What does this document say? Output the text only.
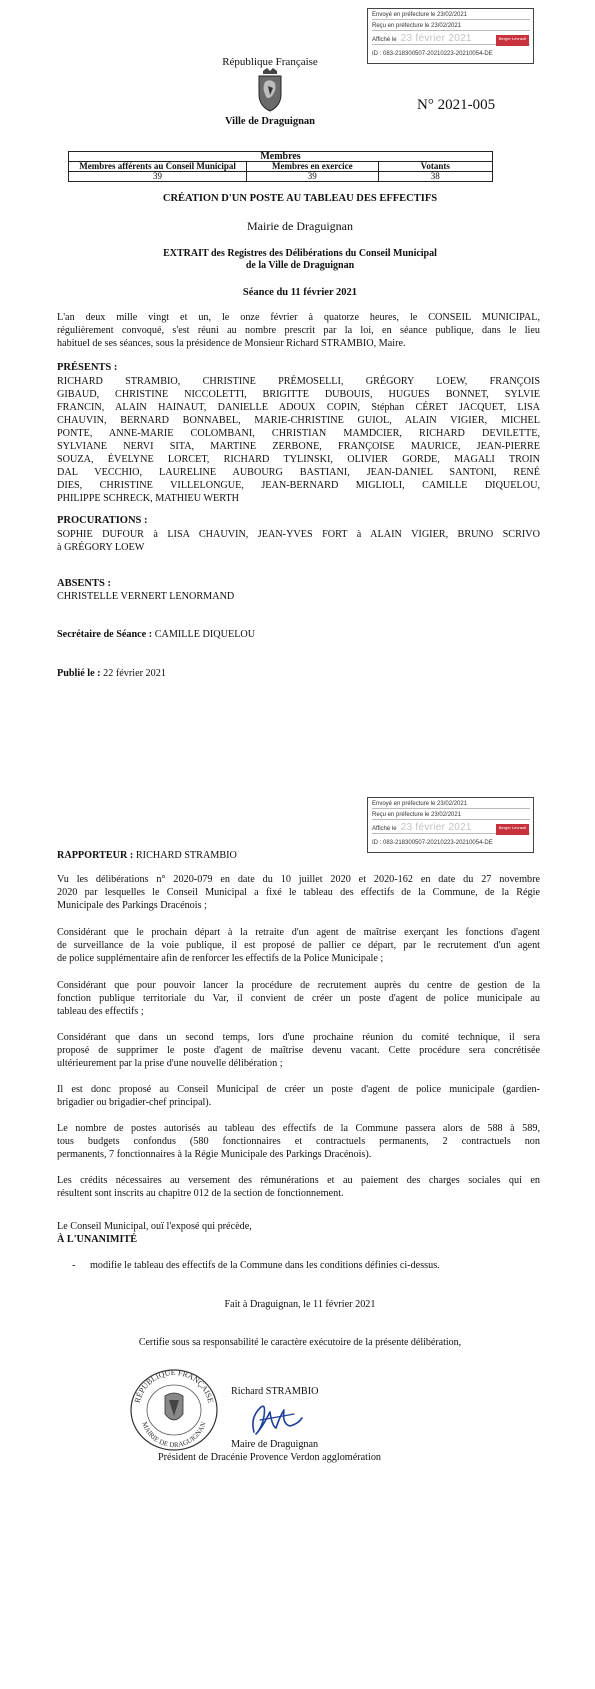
Envoyé en préfecture le 23/02/2021
Reçu en préfecture le 23/02/2021
Affiché le 23 février 2021	Berger Levrault
ID : 083-218300507-20210223-20210054-DE
République Française
Ville de Draguignan
N° 2021-005
Membres		
Membres afférents au Conseil Municipal	Membres en exercice	Votants
39	39	38
CRÉATION D'UN POSTE AU TABLEAU DES EFFECTIFS
Mairie de Draguignan
EXTRAIT des Registres des Délibérations du Conseil Municipal
de la Ville de Draguignan
Séance du 11 février 2021

L'an deux mille vingt et un, le onze février à quatorze heures, le CONSEIL MUNICIPAL,

régulièrement convoqué, s'est réuni au nombre prescrit par la loi, en séance publique, dans le lieu

habituel de ses séances, sous la présidence de Monsieur Richard STRAMBIO, Maire.

PRÉSENTS :

RICHARD STRAMBIO, CHRISTINE PRÉMOSELLI, GRÉGORY LOEW, FRANÇOIS

GIBAUD, CHRISTINE NICCOLETTI, BRIGITTE DUBOUIS, HUGUES BONNET, SYLVIE

FRANCIN, ALAIN HAINAUT, DANIELLE ADOUX COPIN, Stéphan CÉRET JACQUET, LISA

CHAUVIN, BERNARD BONNABEL, MARIE-CHRISTINE GUIOL, ALAIN VIGIER, MICHEL

PONTE, ANNE-MARIE COLOMBANI, CHRISTIAN MAMDCIER, RICHARD DEVILETTE,

SYLVIANE NERVI SITA, MARTINE ZERBONE, FRANÇOISE MAURICE, JEAN-PIERRE

SOUZA, ÉVELYNE LORCET, RICHARD TYLINSKI, OLIVIER GORDE, MAGALI TROIN

DAL VECCHIO, LAURELINE AUBOURG BASTIANI, JEAN-DANIEL SANTONI, RENÉ

DIES, CHRISTINE VILLELONGUE, JEAN-BERNARD MIGLIOLI, CAMILLE DIQUELOU,

PHILIPPE SCHRECK, MATHIEU WERTH

PROCURATIONS :

SOPHIE DUFOUR à LISA CHAUVIN, JEAN-YVES FORT à ALAIN VIGIER, BRUNO SCRIVO

à GRÉGORY LOEW

ABSENTS :
CHRISTELLE VERNERT LENORMAND
Secrétaire de Séance : CAMILLE DIQUELOU
Publié le : 22 février 2021
Envoyé en préfecture le 23/02/2021
Reçu en préfecture le 23/02/2021
Affiché le 23 février 2021	Berger Levrault
ID : 083-218300507-20210223-20210054-DE
RAPPORTEUR : RICHARD STRAMBIO

Vu les délibérations n° 2020-079 en date du 10 juillet 2020 et 2020-162 en date du 27 novembre

2020 par lesquelles le Conseil Municipal a fixé le tableau des effectifs de la Commune, de la Régie

Municipale des Parkings Dracénois ;

Considérant que le prochain départ à la retraite d'un agent de maîtrise exerçant les fonctions d'agent

de surveillance de la voie publique, il est proposé de pallier ce départ, par le recrutement d'un agent

de police supplémentaire afin de renforcer les effectifs de la Police Municipale ;

Considérant que pour pouvoir lancer la procédure de recrutement auprès du centre de gestion de la

fonction publique territoriale du Var, il convient de créer un poste d'agent de police municipale au

tableau des effectifs ;

Considérant que dans un second temps, lors d'une prochaine réunion du comité technique, il sera

proposé de supprimer le poste d'agent de maîtrise devenu vacant. Cette procédure sera concrétisée

ultérieurement par la prise d'une nouvelle délibération ;

Il est donc proposé au Conseil Municipal de créer un poste d'agent de police municipale (gardien-

brigadier ou brigadier-chef principal).

Le nombre de postes autorisés au tableau des effectifs de la Commune passera alors de 588 à 589,

tous budgets confondus (580 fonctionnaires et contractuels permanents, 2 contractuels non

permanents, 7 fonctionnaires à la Régie Municipale des Parkings Dracénois).

Les crédits nécessaires au versement des rémunérations et au paiement des charges sociales qui en

résultent sont inscrits au chapitre 012 de la section de fonctionnement.

Le Conseil Municipal, ouï l'exposé qui précède,
À L'UNANIMITÉ
- modifie le tableau des effectifs de la Commune dans les conditions définies ci-dessus.
Fait à Draguignan, le 11 février 2021
Certifie sous sa responsabilité le caractère exécutoire de la présente délibération,
RÉPUBLIQUE FRANÇAISE
MAIRIE DE DRAGUIGNAN
Richard STRAMBIO
Maire de Draguignan
Président de Dracénie Provence Verdon agglomération
